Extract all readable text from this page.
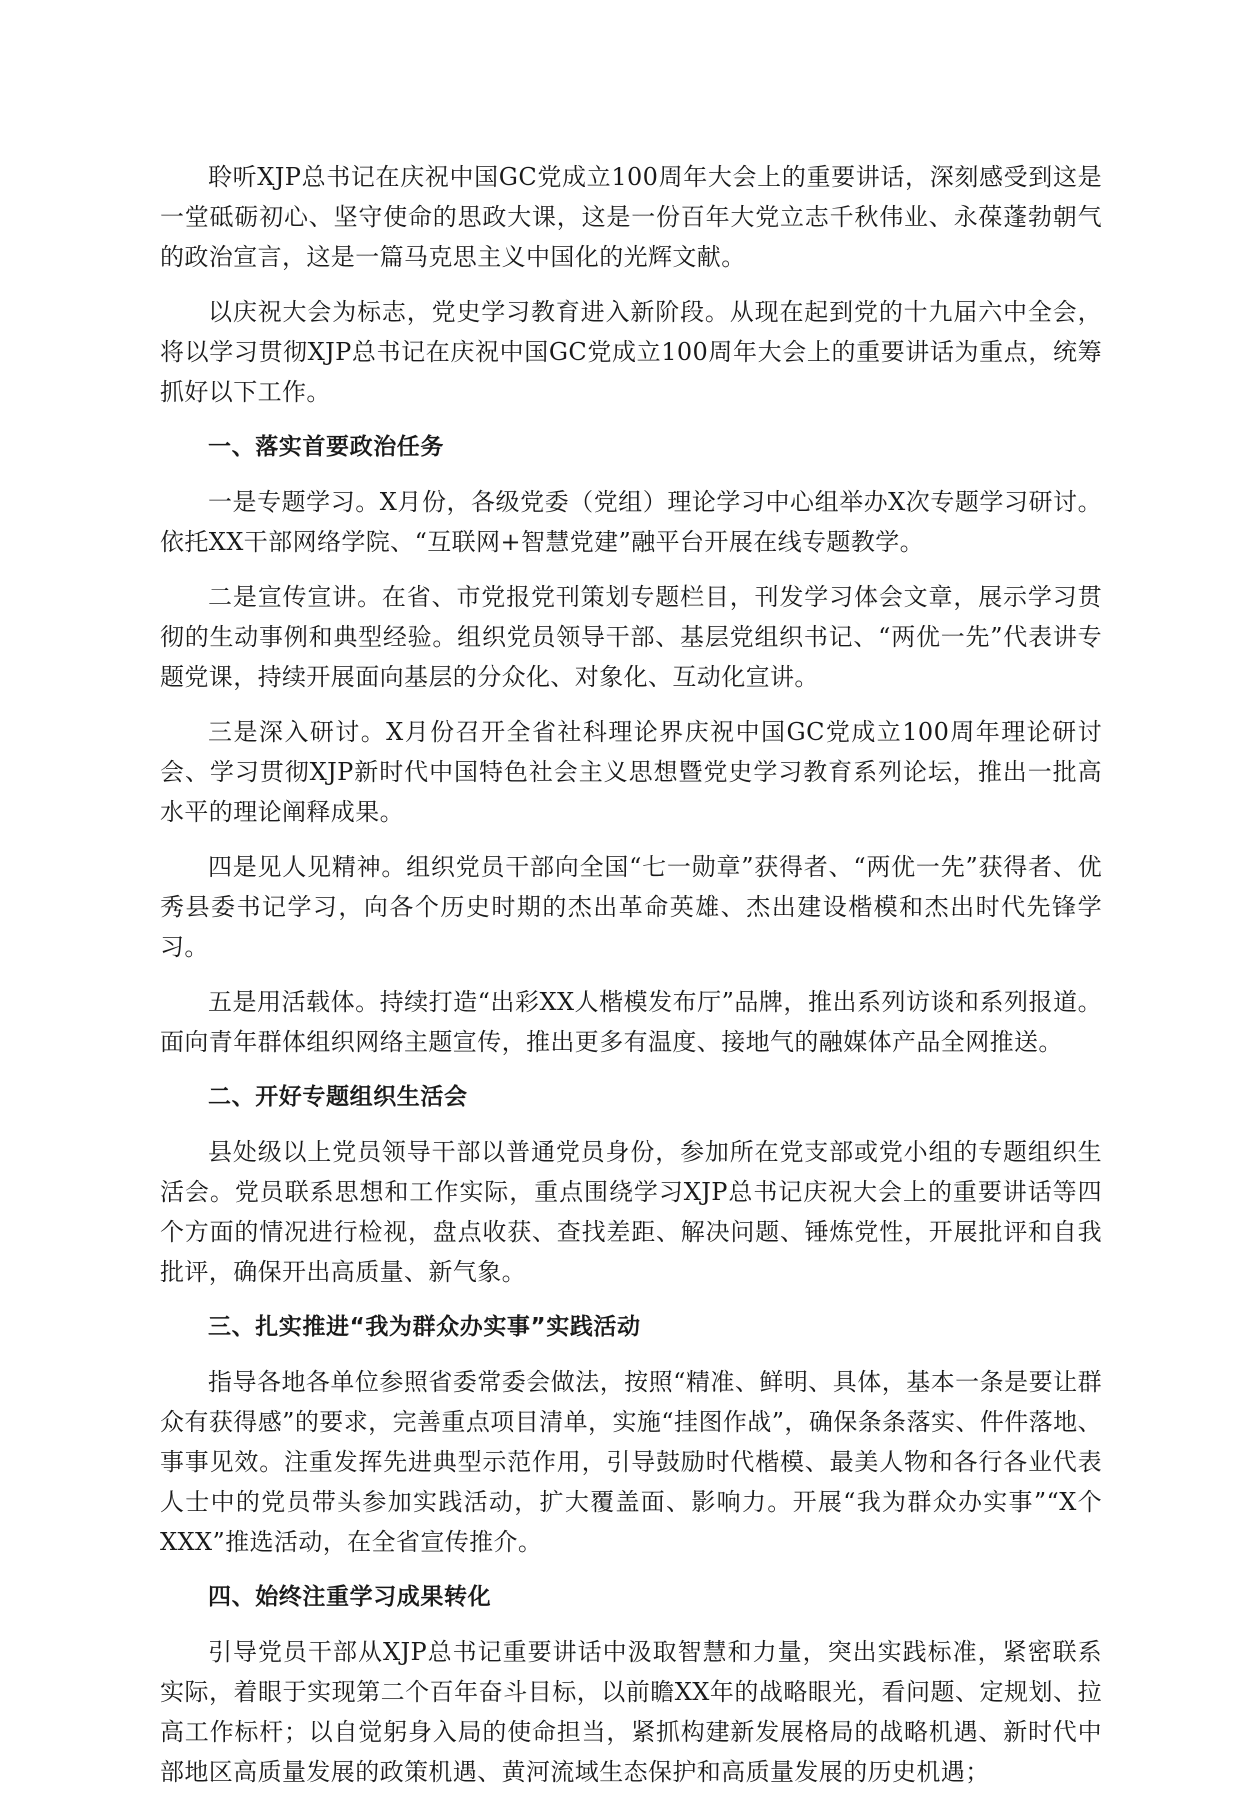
聆听XJP总书记在庆祝中国GC党成立100周年大会上的重要讲话，深刻感受到这是一堂砥砺初心、坚守使命的思政大课，这是一份百年大党立志千秋伟业、永葆蓬勃朝气的政治宣言，这是一篇马克思主义中国化的光辉文献。

以庆祝大会为标志，党史学习教育进入新阶段。从现在起到党的十九届六中全会，将以学习贯彻XJP总书记在庆祝中国GC党成立100周年大会上的重要讲话为重点，统筹抓好以下工作。

一、落实首要政治任务

一是专题学习。X月份，各级党委（党组）理论学习中心组举办X次专题学习研讨。依托XX干部网络学院、“互联网+智慧党建”融平台开展在线专题教学。

二是宣传宣讲。在省、市党报党刊策划专题栏目，刊发学习体会文章，展示学习贯彻的生动事例和典型经验。组织党员领导干部、基层党组织书记、“两优一先”代表讲专题党课，持续开展面向基层的分众化、对象化、互动化宣讲。

三是深入研讨。X月份召开全省社科理论界庆祝中国GC党成立100周年理论研讨会、学习贯彻XJP新时代中国特色社会主义思想暨党史学习教育系列论坛，推出一批高水平的理论阐释成果。

四是见人见精神。组织党员干部向全国“七一勋章”获得者、“两优一先”获得者、优秀县委书记学习，向各个历史时期的杰出革命英雄、杰出建设楷模和杰出时代先锋学习。

五是用活载体。持续打造“出彩XX人楷模发布厅”品牌，推出系列访谈和系列报道。面向青年群体组织网络主题宣传，推出更多有温度、接地气的融媒体产品全网推送。

二、开好专题组织生活会

县处级以上党员领导干部以普通党员身份，参加所在党支部或党小组的专题组织生活会。党员联系思想和工作实际，重点围绕学习XJP总书记庆祝大会上的重要讲话等四个方面的情况进行检视，盘点收获、查找差距、解决问题、锤炼党性，开展批评和自我批评，确保开出高质量、新气象。

三、扎实推进“我为群众办实事”实践活动

指导各地各单位参照省委常委会做法，按照“精准、鲜明、具体，基本一条是要让群众有获得感”的要求，完善重点项目清单，实施“挂图作战”，确保条条落实、件件落地、事事见效。注重发挥先进典型示范作用，引导鼓励时代楷模、最美人物和各行各业代表人士中的党员带头参加实践活动，扩大覆盖面、影响力。开展“我为群众办实事”“X个XXX”推选活动，在全省宣传推介。

四、始终注重学习成果转化

引导党员干部从XJP总书记重要讲话中汲取智慧和力量，突出实践标准，紧密联系实际，着眼于实现第二个百年奋斗目标，以前瞻XX年的战略眼光，看问题、定规划、拉高工作标杆；以自觉躬身入局的使命担当，紧抓构建新发展格局的战略机遇、新时代中部地区高质量发展的政策机遇、黄河流域生态保护和高质量发展的历史机遇；
